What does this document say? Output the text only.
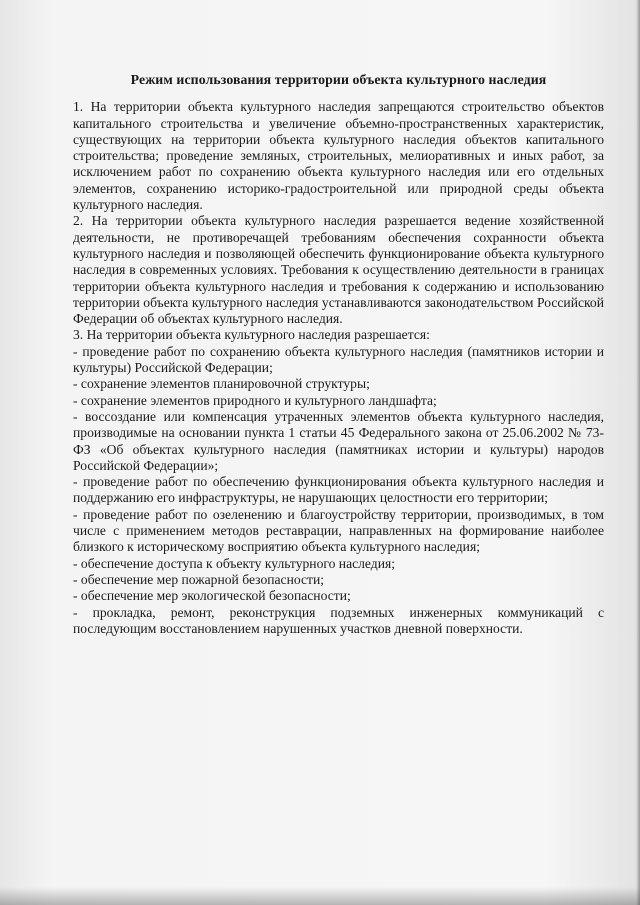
Режим использования территории объекта культурного наследия

1. На территории объекта культурного наследия запрещаются строительство объектов капитального строительства и увеличение объемно-пространственных характеристик, существующих на территории объекта культурного наследия объектов капитального строительства; проведение земляных, строительных, мелиоративных и иных работ, за исключением работ по сохранению объекта культурного наследия или его отдельных элементов, сохранению историко-градостроительной или природной среды объекта культурного наследия.

2. На территории объекта культурного наследия разрешается ведение хозяйственной деятельности, не противоречащей требованиям обеспечения сохранности объекта культурного наследия и позволяющей обеспечить функционирование объекта культурного наследия в современных условиях. Требования к осуществлению деятельности в границах территории объекта культурного наследия и требования к содержанию и использованию территории объекта культурного наследия устанавливаются законодательством Российской Федерации об объектах культурного наследия.

3. На территории объекта культурного наследия разрешается:

- проведение работ по сохранению объекта культурного наследия (памятников истории и культуры) Российской Федерации;

- сохранение элементов планировочной структуры;

- сохранение элементов природного и культурного ландшафта;

- воссоздание или компенсация утраченных элементов объекта культурного наследия, производимые на основании пункта 1 статьи 45 Федерального закона от 25.06.2002 № 73-ФЗ «Об объектах культурного наследия (памятниках истории и культуры) народов Российской Федерации»;

- проведение работ по обеспечению функционирования объекта культурного наследия и поддержанию его инфраструктуры, не нарушающих целостности его территории;

- проведение работ по озеленению и благоустройству территории, производимых, в том числе с применением методов реставрации, направленных на формирование наиболее близкого к историческому восприятию объекта культурного наследия;

- обеспечение доступа к объекту культурного наследия;

- обеспечение мер пожарной безопасности;

- обеспечение мер экологической безопасности;

- прокладка, ремонт, реконструкция подземных инженерных коммуникаций с последующим восстановлением нарушенных участков дневной поверхности.
